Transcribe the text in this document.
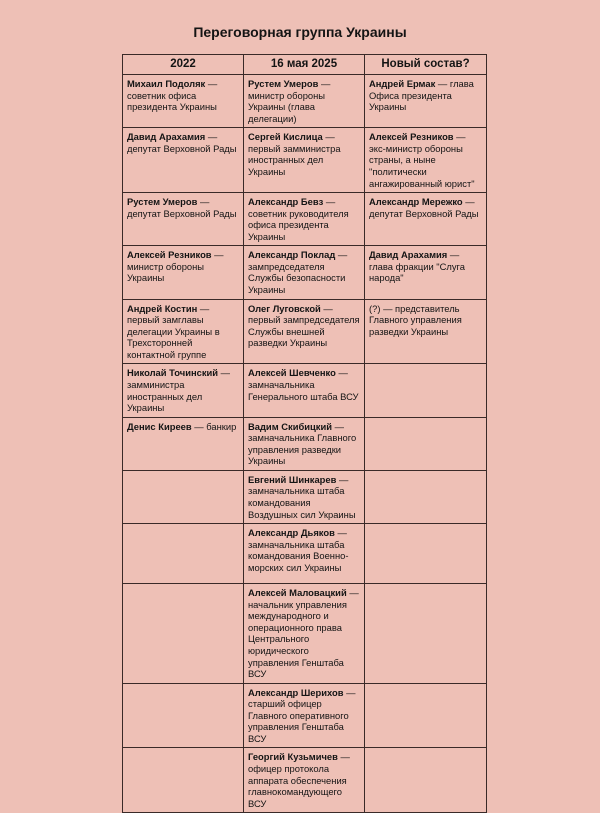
Переговорная группа Украины
2022	16 мая 2025	Новый состав?

Михаил Подоляк — советник офиса президента Украины	Рустем Умеров — министр обороны Украины (глава делегации)	Андрей Ермак — глава Офиса президента Украины

Давид Арахамия — депутат Верховной Рады	Сергей Кислица — первый замминистра иностранных дел Украины	Алексей Резников — экс-министр обороны страны, а ныне "политически ангажированный юрист"

Рустем Умеров — депутат Верховной Рады	Александр Бевз — советник руководителя офиса президента Украины	Александр Мережко — депутат Верховной Рады

Алексей Резников — министр обороны Украины	Александр Поклад — зампредседателя Службы безопасности Украины	Давид Арахамия — глава фракции "Слуга народа"

Андрей Костин — первый замглавы делегации Украины в Трехсторонней контактной группе	Олег Луговской — первый зампредседателя Службы внешней разведки Украины	(?) — представитель Главного управления разведки Украины

Николай Точинский — замминистра иностранных дел Украины	Алексей Шевченко — замначальника Генерального штаба ВСУ	

Денис Киреев — банкир	Вадим Скибицкий — замначальника Главного управления разведки Украины	

	Евгений Шинкарев — замначальника штаба командования Воздушных сил Украины	

	Александр Дьяков — замначальника штаба командования Военно-морских сил Украины	

	Алексей Маловацкий — начальник управления международного и операционного права Центрального юридического управления Генштаба ВСУ	

	Александр Шерихов — старший офицер Главного оперативного управления Генштаба ВСУ	

	Георгий Кузьмичев — офицер протокола аппарата обеспечения главнокомандующего ВСУ	
